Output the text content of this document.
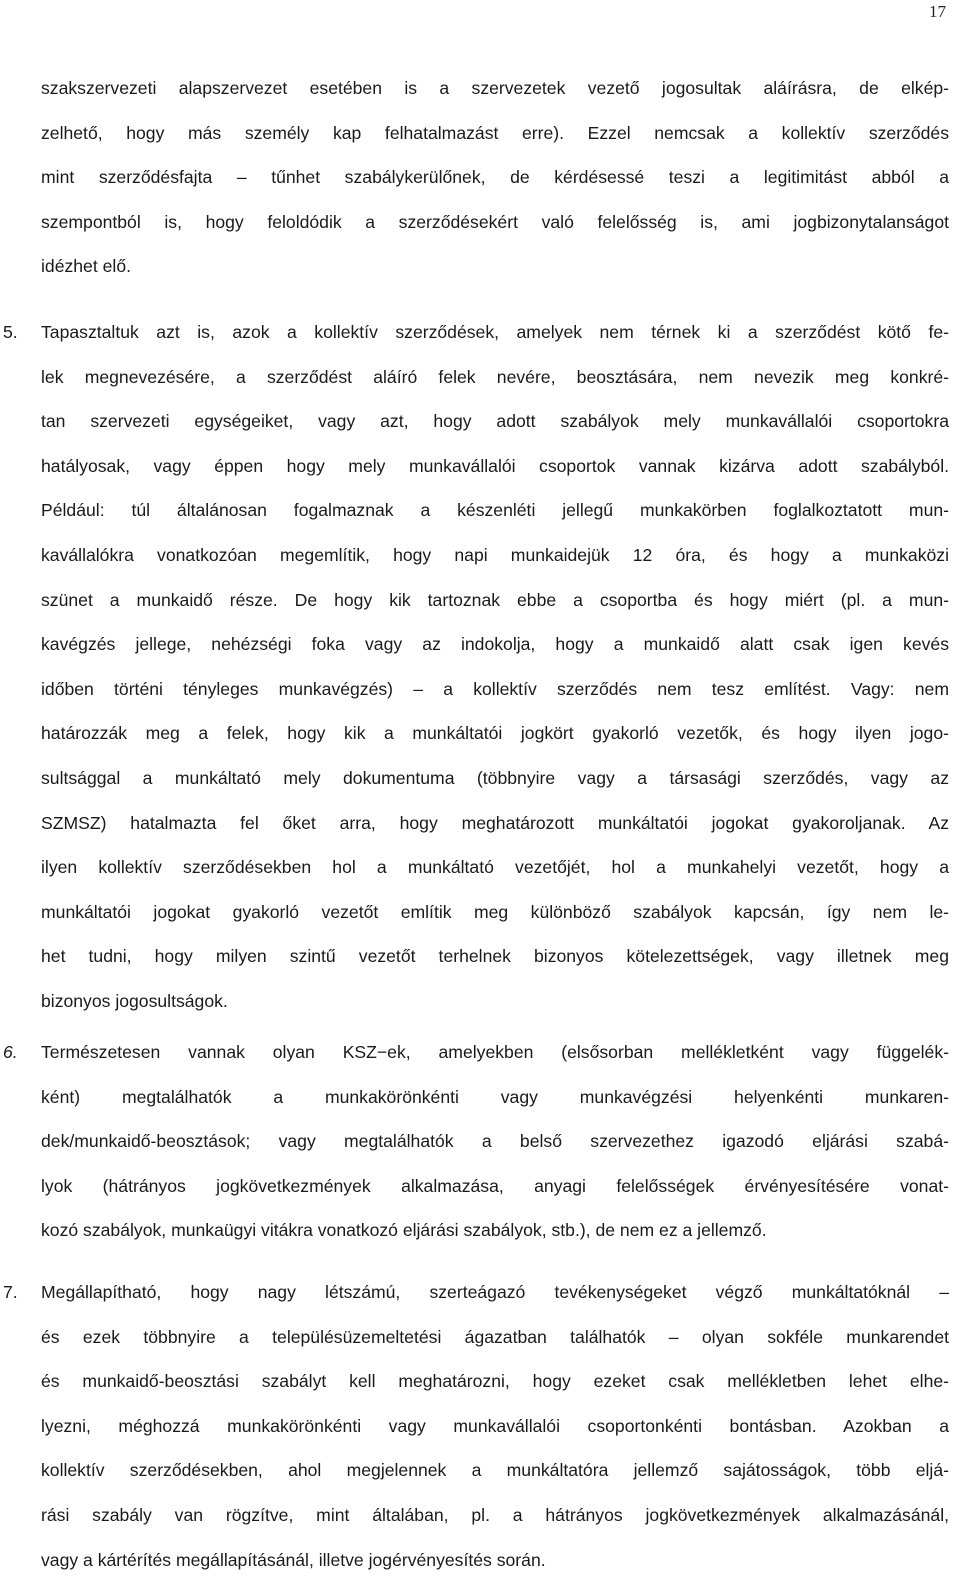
17
szakszervezeti alapszervezet esetében is a szervezetek vezető jogosultak aláírásra, de elkép-
zelhető, hogy más személy kap felhatalmazást erre). Ezzel nemcsak a kollektív szerződés
mint szerződésfajta – tűnhet szabálykerülőnek, de kérdésessé teszi a legitimitást abból a
szempontból is, hogy feloldódik a szerződésekért való felelősség is, ami jogbizonytalanságot
idézhet elő.
5. Tapasztaltuk azt is, azok a kollektív szerződések, amelyek nem térnek ki a szerződést kötő fe-
lek megnevezésére, a szerződést aláíró felek nevére, beosztására, nem nevezik meg konkré-
tan szervezeti egységeiket, vagy azt, hogy adott szabályok mely munkavállalói csoportokra
hatályosak, vagy éppen hogy mely munkavállalói csoportok vannak kizárva adott szabályból.
Például: túl általánosan fogalmaznak a készenléti jellegű munkakörben foglalkoztatott mun-
kavállalókra vonatkozóan megemlítik, hogy napi munkaidejük 12 óra, és hogy a munkaközi
szünet a munkaidő része. De hogy kik tartoznak ebbe a csoportba és hogy miért (pl. a mun-
kavégzés jellege, nehézségi foka vagy az indokolja, hogy a munkaidő alatt csak igen kevés
időben történi tényleges munkavégzés) – a kollektív szerződés nem tesz említést. Vagy: nem
határozzák meg a felek, hogy kik a munkáltatói jogkört gyakorló vezetők, és hogy ilyen jogo-
sultsággal a munkáltató mely dokumentuma (többnyire vagy a társasági szerződés, vagy az
SZMSZ) hatalmazta fel őket arra, hogy meghatározott munkáltatói jogokat gyakoroljanak. Az
ilyen kollektív szerződésekben hol a munkáltató vezetőjét, hol a munkahelyi vezetőt, hogy a
munkáltatói jogokat gyakorló vezetőt említik meg különböző szabályok kapcsán, így nem le-
het tudni, hogy milyen szintű vezetőt terhelnek bizonyos kötelezettségek, vagy illetnek meg
bizonyos jogosultságok.
6. Természetesen vannak olyan KSZ−ek, amelyekben (elsősorban mellékletként vagy függelék-
ként) megtalálhatók a munkakörönkénti vagy munkavégzési helyenkénti munkaren-
dek/munkaidő-beosztások; vagy megtalálhatók a belső szervezethez igazodó eljárási szabá-
lyok (hátrányos jogkövetkezmények alkalmazása, anyagi felelősségek érvényesítésére vonat-
kozó szabályok, munkaügyi vitákra vonatkozó eljárási szabályok, stb.), de nem ez a jellemző.
7. Megállapítható, hogy nagy létszámú, szerteágazó tevékenységeket végző munkáltatóknál –
és ezek többnyire a településüzemeltetési ágazatban találhatók – olyan sokféle munkarendet
és munkaidő-beosztási szabályt kell meghatározni, hogy ezeket csak mellékletben lehet elhe-
lyezni, méghozzá munkakörönkénti vagy munkavállalói csoportonkénti bontásban. Azokban a
kollektív szerződésekben, ahol megjelennek a munkáltatóra jellemző sajátosságok, több eljá-
rási szabály van rögzítve, mint általában, pl. a hátrányos jogkövetkezmények alkalmazásánál,
vagy a kártérítés megállapításánál, illetve jogérvényesítés során.
